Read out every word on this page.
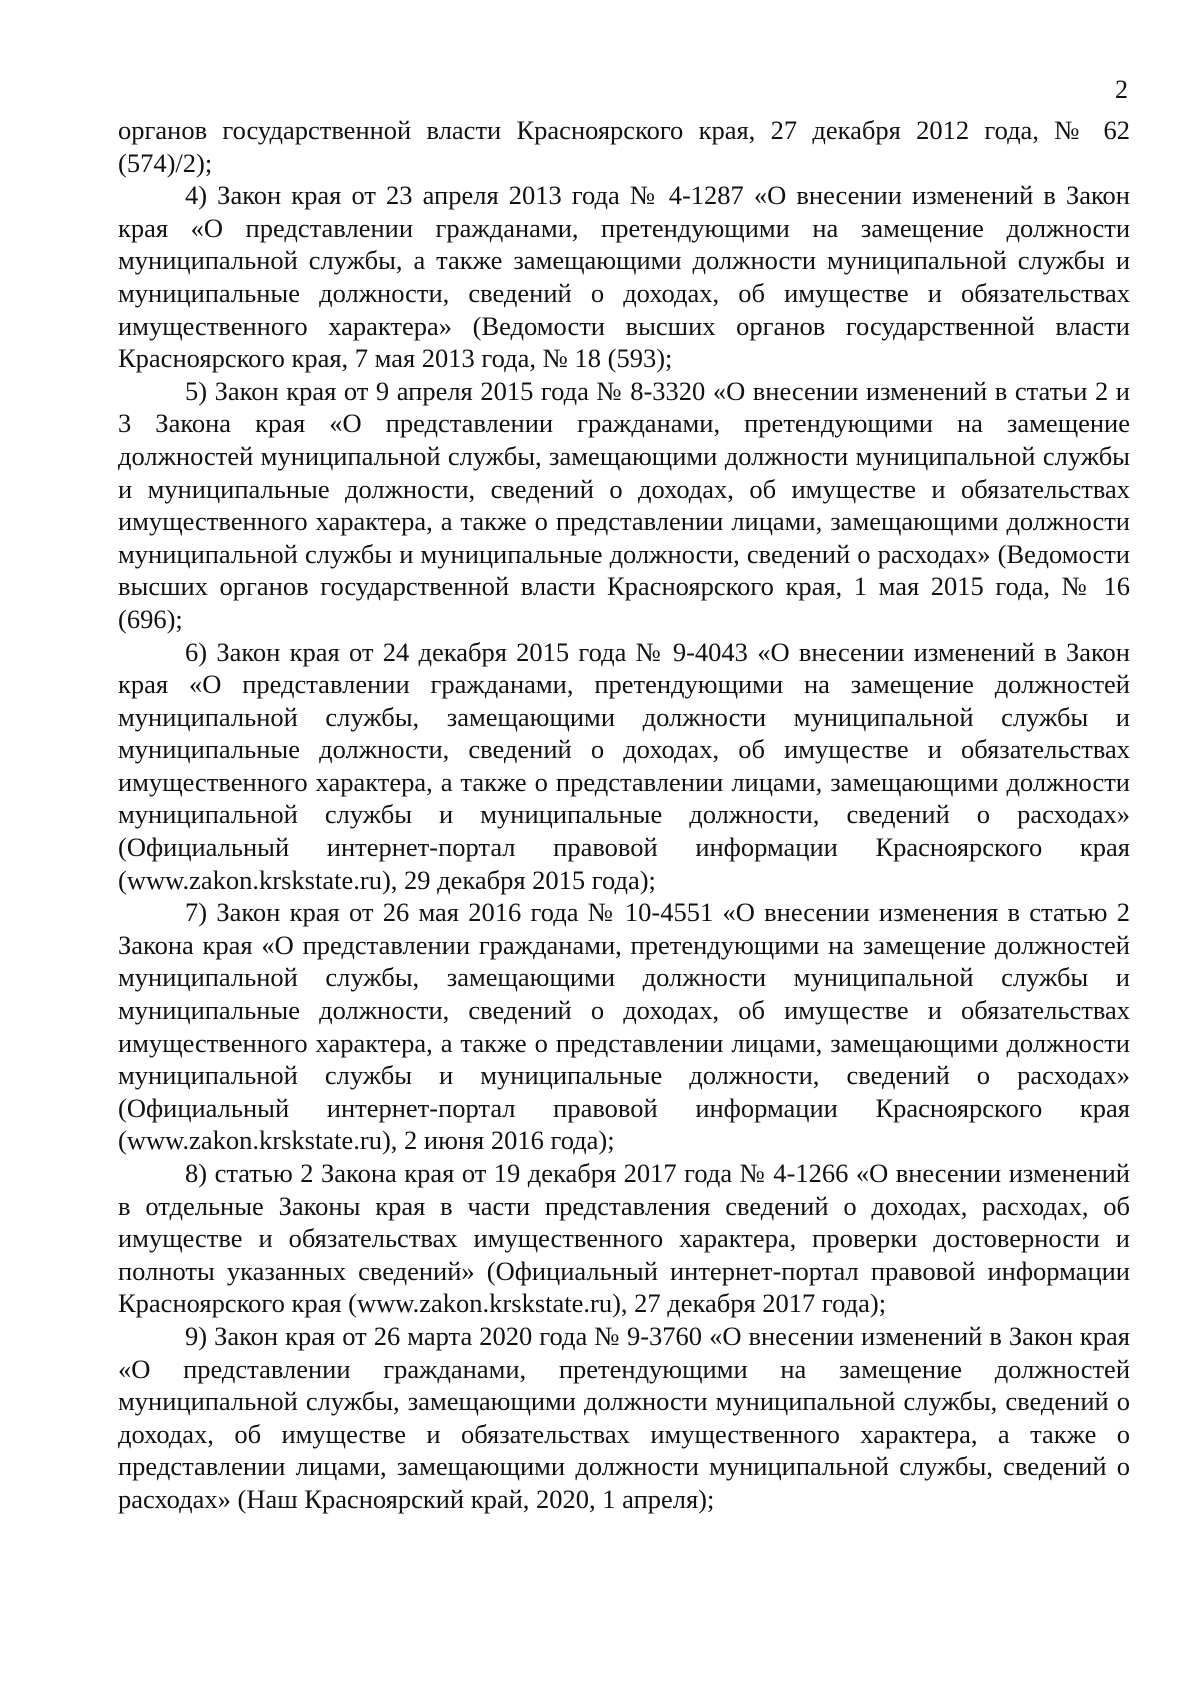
2

органов государственной власти Красноярского края, 27 декабря 2012 года, № 62 (574)/2);

4) Закон края от 23 апреля 2013 года № 4-1287 «О внесении изменений в Закон края «О представлении гражданами, претендующими на замещение должности муниципальной службы, а также замещающими должности муниципальной службы и муниципальные должности, сведений о доходах, об имуществе и обязательствах имущественного характера» (Ведомости высших органов государственной власти Красноярского края, 7 мая 2013 года, № 18 (593);

5) Закон края от 9 апреля 2015 года № 8-3320 «О внесении изменений в статьи 2 и 3 Закона края «О представлении гражданами, претендующими на замещение должностей муниципальной службы, замещающими должности муниципальной службы и муниципальные должности, сведений о доходах, об имуществе и обязательствах имущественного характера, а также о представлении лицами, замещающими должности муниципальной службы и муниципальные должности, сведений о расходах» (Ведомости высших органов государственной власти Красноярского края, 1 мая 2015 года, № 16 (696);

6) Закон края от 24 декабря 2015 года № 9-4043 «О внесении изменений в Закон края «О представлении гражданами, претендующими на замещение должностей муниципальной службы, замещающими должности муниципальной службы и муниципальные должности, сведений о доходах, об имуществе и обязательствах имущественного характера, а также о представлении лицами, замещающими должности муниципальной службы и муниципальные должности, сведений о расходах» (Официальный интернет-портал правовой информации Красноярского края (www.zakon.krskstate.ru), 29 декабря 2015 года);

7) Закон края от 26 мая 2016 года № 10-4551 «О внесении изменения в статью 2 Закона края «О представлении гражданами, претендующими на замещение должностей муниципальной службы, замещающими должности муниципальной службы и муниципальные должности, сведений о доходах, об имуществе и обязательствах имущественного характера, а также о представлении лицами, замещающими должности муниципальной службы и муниципальные должности, сведений о расходах» (Официальный интернет-портал правовой информации Красноярского края (www.zakon.krskstate.ru), 2 июня 2016 года);

8) статью 2 Закона края от 19 декабря 2017 года № 4-1266 «О внесении изменений в отдельные Законы края в части представления сведений о доходах, расходах, об имуществе и обязательствах имущественного характера, проверки достоверности и полноты указанных сведений» (Официальный интернет-портал правовой информации Красноярского края (www.zakon.krskstate.ru), 27 декабря 2017 года);

9) Закон края от 26 марта 2020 года № 9-3760 «О внесении изменений в Закон края «О представлении гражданами, претендующими на замещение должностей муниципальной службы, замещающими должности муниципальной службы, сведений о доходах, об имуществе и обязательствах имущественного характера, а также о представлении лицами, замещающими должности муниципальной службы, сведений о расходах» (Наш Красноярский край, 2020, 1 апреля);
